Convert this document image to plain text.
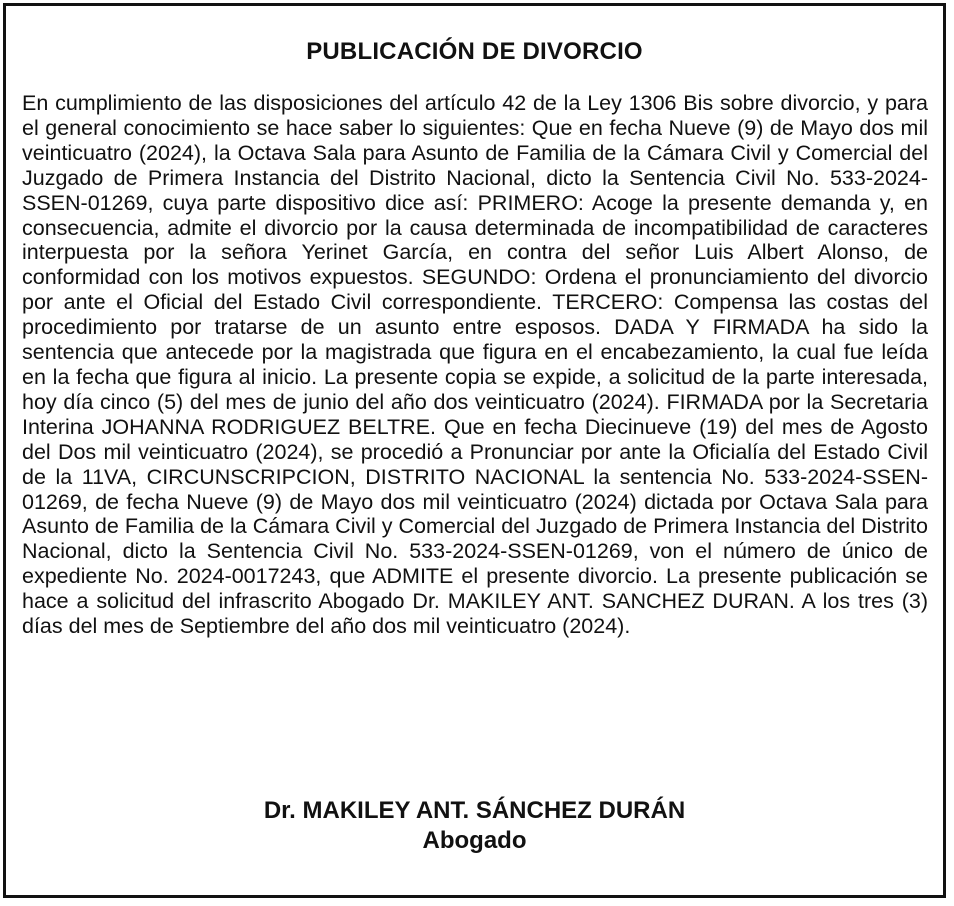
PUBLICACIÓN DE DIVORCIO

En cumplimiento de las disposiciones del artículo 42 de la Ley 1306 Bis sobre divorcio, y para el general conocimiento se hace saber lo siguientes: Que en fecha Nueve (9) de Mayo dos mil veinticuatro (2024), la Octava Sala para Asunto de Familia de la Cámara Civil y Comercial del Juzgado de Primera Instancia del Distrito Nacional, dicto la Sentencia Civil No. 533-2024-SSEN-01269, cuya parte dispositivo dice así: PRIMERO: Acoge la presente demanda y, en consecuencia, admite el divorcio por la causa determinada de incompatibilidad de caracteres interpuesta por la señora Yerinet García, en contra del señor Luis Albert Alonso, de conformidad con los motivos expuestos. SEGUNDO: Ordena el pronunciamiento del divorcio por ante el Oficial del Estado Civil correspondiente. TERCERO: Compensa las costas del procedimiento por tratarse de un asunto entre esposos. DADA Y FIRMADA ha sido la sentencia que antecede por la magistrada que figura en el encabezamiento, la cual fue leída en la fecha que figura al inicio. La presente copia se expide, a solicitud de la parte interesada, hoy día cinco (5) del mes de junio del año dos veinticuatro (2024). FIRMADA por la Secretaria Interina JOHANNA RODRIGUEZ BELTRE. Que en fecha Diecinueve (19) del mes de Agosto del Dos mil veinticuatro (2024), se procedió a Pronunciar por ante la Oficialía del Estado Civil de la 11VA, CIRCUNSCRIPCION, DISTRITO NACIONAL la sentencia No. 533-2024-SSEN-01269, de fecha Nueve (9) de Mayo dos mil veinticuatro (2024) dictada por Octava Sala para Asunto de Familia de la Cámara Civil y Comercial del Juzgado de Primera Instancia del Distrito Nacional, dicto la Sentencia Civil No. 533-2024-SSEN-01269, von el número de único de expediente No. 2024-0017243, que ADMITE el presente divorcio. La presente publicación se hace a solicitud del infrascrito Abogado Dr. MAKILEY ANT. SANCHEZ DURAN. A los tres (3) días del mes de Septiembre del año dos mil veinticuatro (2024).

Dr. MAKILEY ANT. SÁNCHEZ DURÁN
Abogado
